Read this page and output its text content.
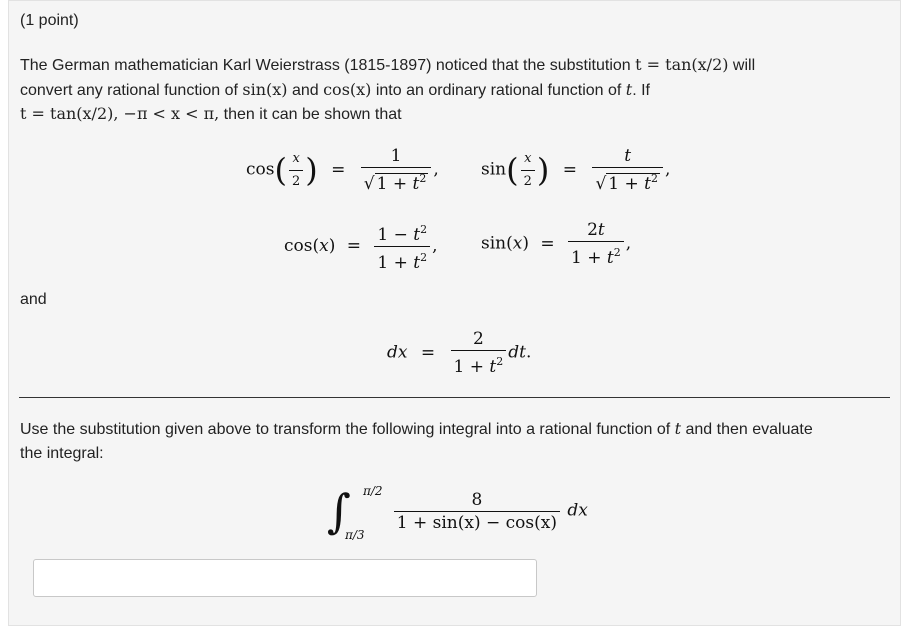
(1 point)
The German mathematician Karl Weierstrass (1815-1897) noticed that the substitution t = tan(x/2) will
convert any rational function of sin(x) and cos(x) into an ordinary rational function of t. If
t = tan(x/2), −π < x < π, then it can be shown that
$\cos( \frac{x}{2}$ ) = $\frac{1}{√ 1 + t^2}$ , $\sin( \frac{x}{2}$ ) = $\frac{t}{√ 1 + t^2}$ ,
$\cos(x) = \frac{1 - t^2}{1 + t^2}$ ,	$\sin(x) = \frac{2t}{1 + t^2}$ ,
and
dx = $\frac{2}{1 + t^2}$ dt.
Use the substitution given above to transform the following integral into a rational function of t and then evaluate
the integral:
∫ π/2
π/3

$\frac{8}{1 + \sin(x) - \cos(x)}$ dx
